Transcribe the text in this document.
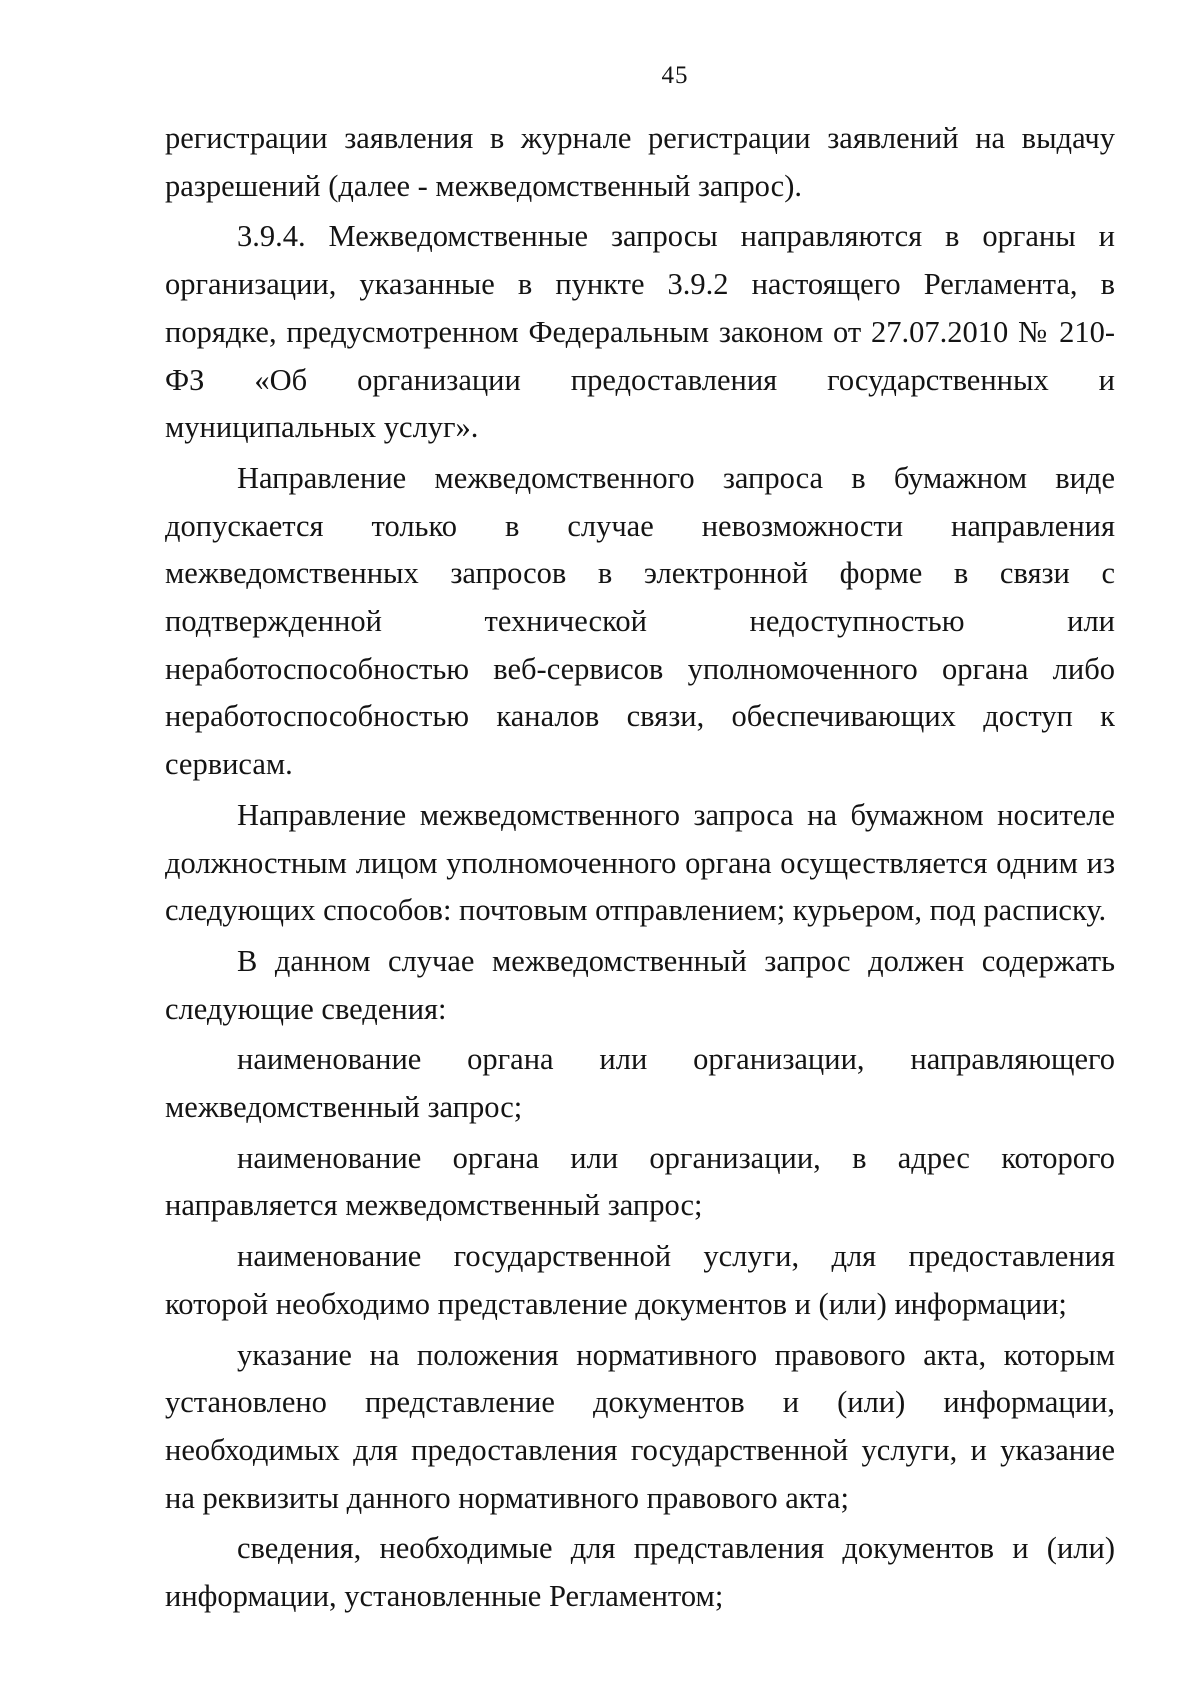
45

регистрации заявления в журнале регистрации заявлений на выдачу разрешений (далее - межведомственный запрос).

3.9.4. Межведомственные запросы направляются в органы и организации, указанные в пункте 3.9.2 настоящего Регламента, в порядке, предусмотренном Федеральным законом от 27.07.2010 № 210-ФЗ «Об организации предоставления государственных и муниципальных услуг».

Направление межведомственного запроса в бумажном виде допускается только в случае невозможности направления межведомственных запросов в электронной форме в связи с подтвержденной технической недоступностью или неработоспособностью веб-сервисов уполномоченного органа либо неработоспособностью каналов связи, обеспечивающих доступ к сервисам.

Направление межведомственного запроса на бумажном носителе должностным лицом уполномоченного органа осуществляется одним из следующих способов: почтовым отправлением; курьером, под расписку.

В данном случае межведомственный запрос должен содержать следующие сведения:

наименование органа или организации, направляющего межведомственный запрос;

наименование органа или организации, в адрес которого направляется межведомственный запрос;

наименование государственной услуги, для предоставления которой необходимо представление документов и (или) информации;

указание на положения нормативного правового акта, которым установлено представление документов и (или) информации, необходимых для предоставления государственной услуги, и указание на реквизиты данного нормативного правового акта;

сведения, необходимые для представления документов и (или) информации, установленные Регламентом;
